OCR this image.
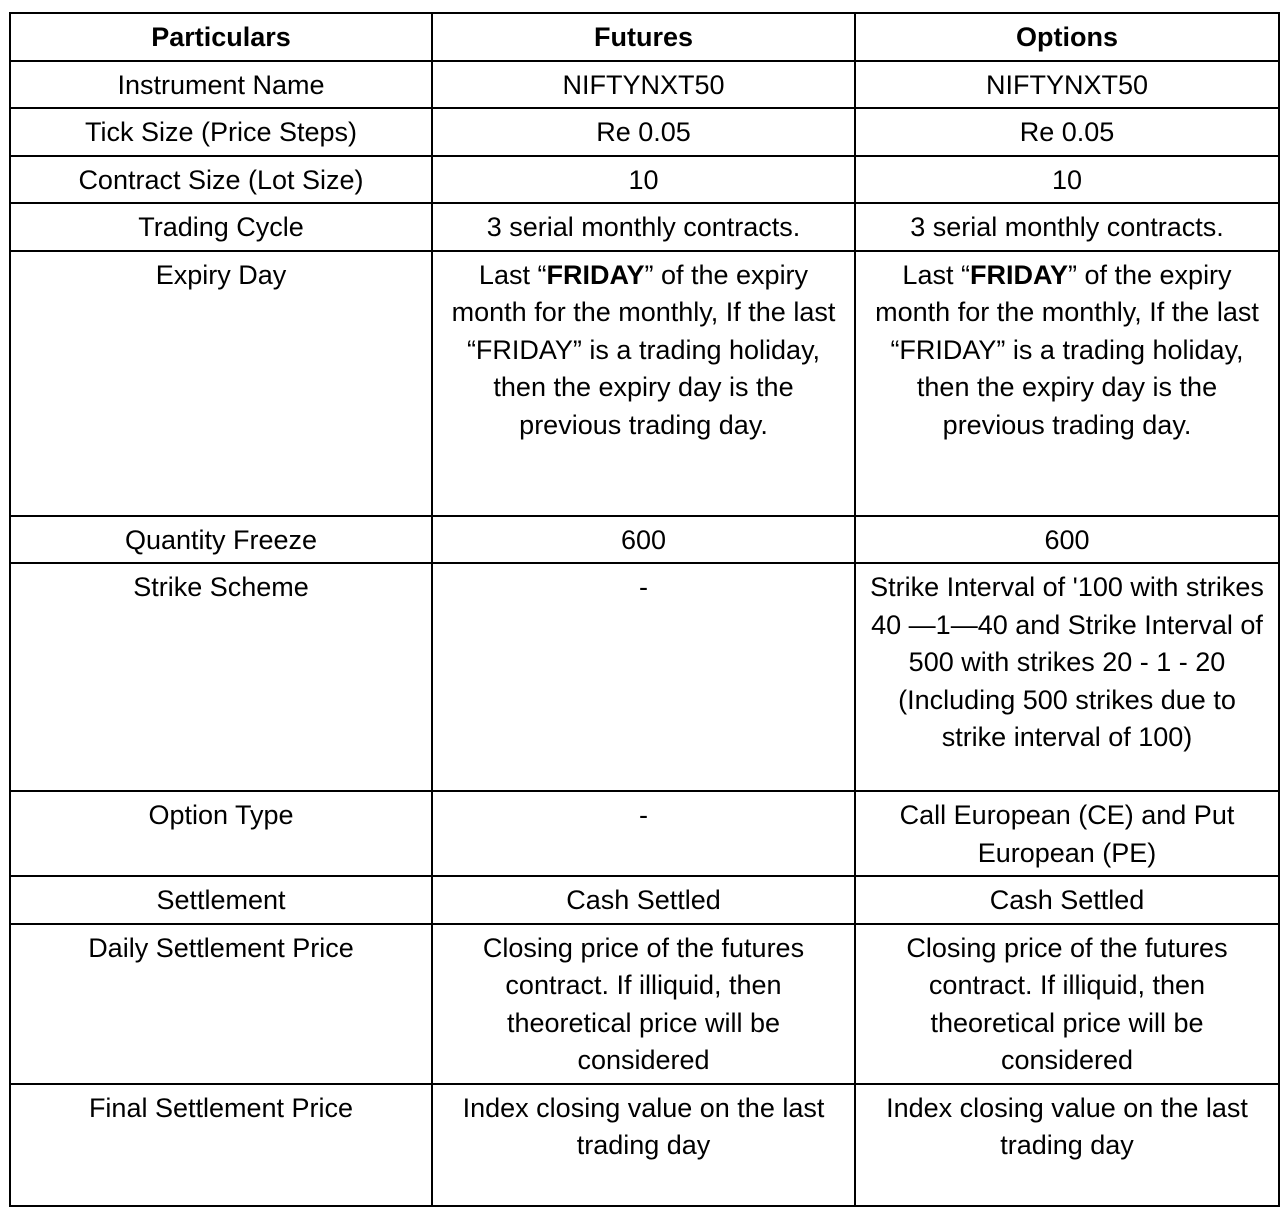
Particulars	Futures	Options
Instrument Name	NIFTYNXT50	NIFTYNXT50
Tick Size (Price Steps)	Re 0.05	Re 0.05
Contract Size (Lot Size)	10	10
Trading Cycle	3 serial monthly contracts.	3 serial monthly contracts.
Expiry Day	Last “FRIDAY” of the expiry month for the monthly, If the last “FRIDAY” is a trading holiday, then the expiry day is the previous trading day.	Last “FRIDAY” of the expiry month for the monthly, If the last “FRIDAY” is a trading holiday, then the expiry day is the previous trading day.
Quantity Freeze	600	600
Strike Scheme	-	Strike Interval of '100 with strikes 40 —1—40 and Strike Interval of 500 with strikes 20 - 1 - 20 (Including 500 strikes due to strike interval of 100)
Option Type	-	Call European (CE) and Put European (PE)
Settlement	Cash Settled	Cash Settled
Daily Settlement Price	Closing price of the futures contract. If illiquid, then theoretical price will be considered	Closing price of the futures contract. If illiquid, then theoretical price will be considered
Final Settlement Price	Index closing value on the last trading day	Index closing value on the last trading day
